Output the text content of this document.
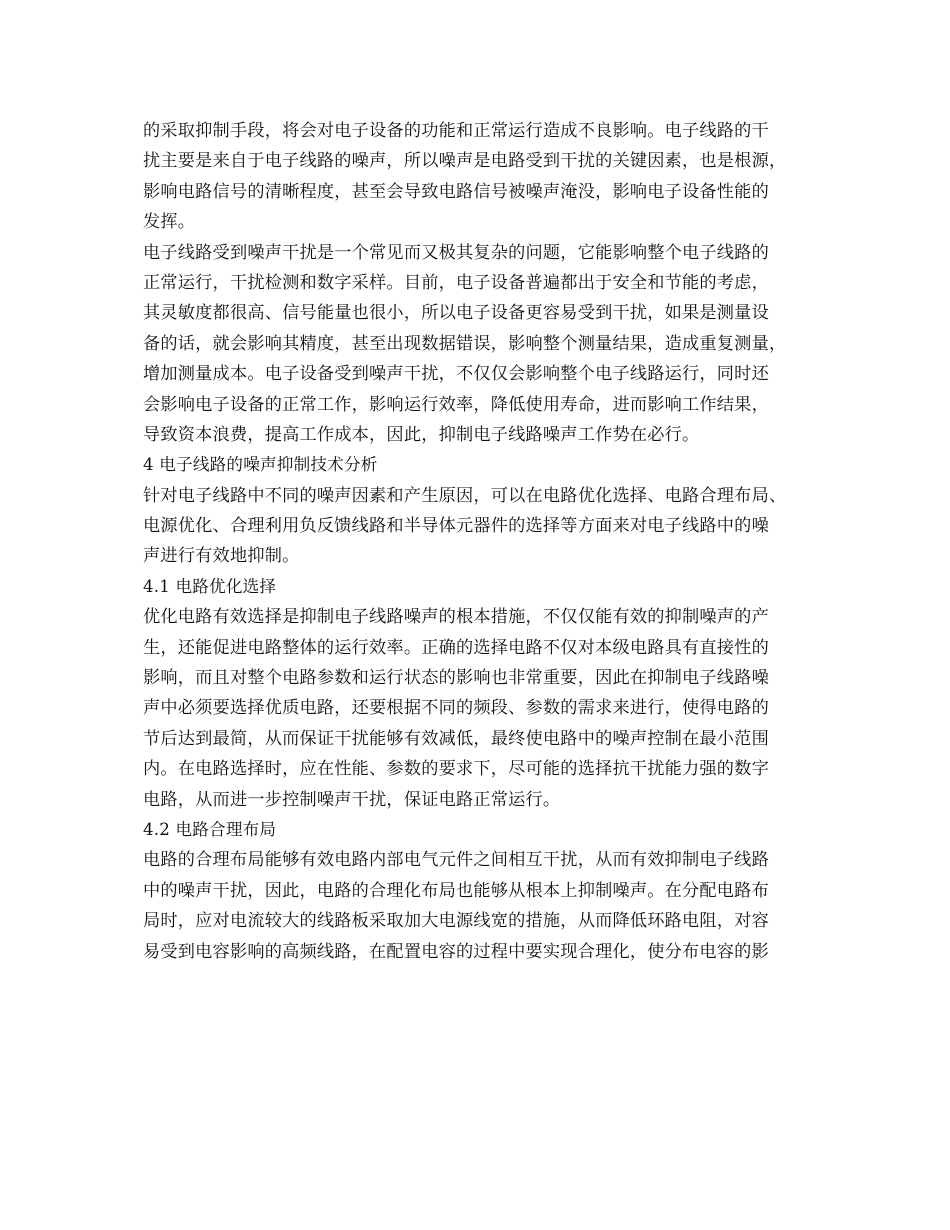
的采取抑制手段，将会对电子设备的功能和正常运行造成不良影响。电子线路的干
扰主要是来自于电子线路的噪声，所以噪声是电路受到干扰的关键因素，也是根源，
影响电路信号的清晰程度，甚至会导致电路信号被噪声淹没，影响电子设备性能的
发挥。
电子线路受到噪声干扰是一个常见而又极其复杂的问题，它能影响整个电子线路的
正常运行，干扰检测和数字采样。目前，电子设备普遍都出于安全和节能的考虑，
其灵敏度都很高、信号能量也很小，所以电子设备更容易受到干扰，如果是测量设
备的话，就会影响其精度，甚至出现数据错误，影响整个测量结果，造成重复测量，
增加测量成本。电子设备受到噪声干扰，不仅仅会影响整个电子线路运行，同时还
会影响电子设备的正常工作，影响运行效率，降低使用寿命，进而影响工作结果，
导致资本浪费，提高工作成本，因此，抑制电子线路噪声工作势在必行。
4 电子线路的噪声抑制技术分析
针对电子线路中不同的噪声因素和产生原因，可以在电路优化选择、电路合理布局、
电源优化、合理利用负反馈线路和半导体元器件的选择等方面来对电子线路中的噪
声进行有效地抑制。
4.1 电路优化选择
优化电路有效选择是抑制电子线路噪声的根本措施，不仅仅能有效的抑制噪声的产
生，还能促进电路整体的运行效率。正确的选择电路不仅对本级电路具有直接性的
影响，而且对整个电路参数和运行状态的影响也非常重要，因此在抑制电子线路噪
声中必须要选择优质电路，还要根据不同的频段、参数的需求来进行，使得电路的
节后达到最简，从而保证干扰能够有效减低，最终使电路中的噪声控制在最小范围
内。在电路选择时，应在性能、参数的要求下，尽可能的选择抗干扰能力强的数字
电路，从而进一步控制噪声干扰，保证电路正常运行。
4.2 电路合理布局
电路的合理布局能够有效电路内部电气元件之间相互干扰，从而有效抑制电子线路
中的噪声干扰，因此，电路的合理化布局也能够从根本上抑制噪声。在分配电路布
局时，应对电流较大的线路板采取加大电源线宽的措施，从而降低环路电阻，对容
易受到电容影响的高频线路，在配置电容的过程中要实现合理化，使分布电容的影
